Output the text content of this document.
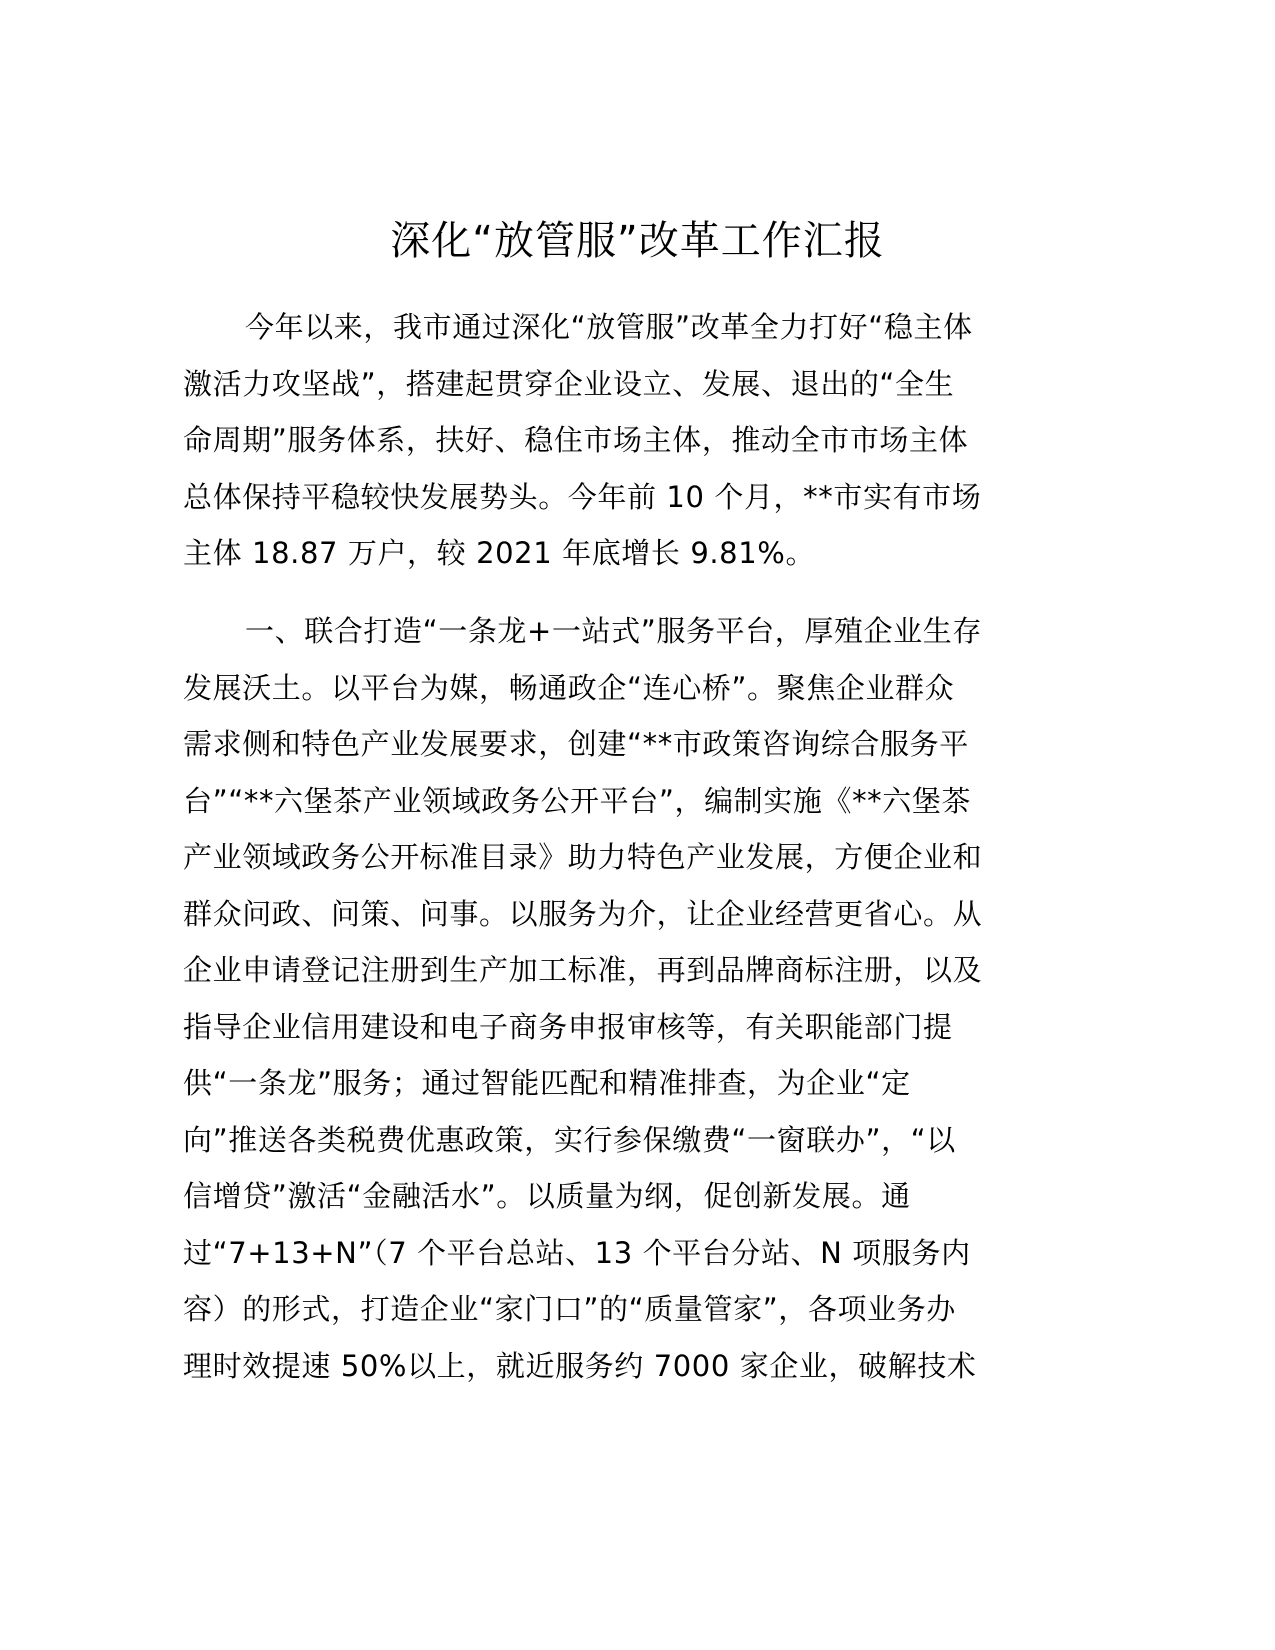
深化“放管服”改革工作汇报
今年以来，我市通过深化“放管服”改革全力打好“稳主体
激活力攻坚战”，搭建起贯穿企业设立、发展、退出的“全生
命周期”服务体系，扶好、稳住市场主体，推动全市市场主体
总体保持平稳较快发展势头。今年前 10 个月，**市实有市场
主体 18.87 万户，较 2021 年底增长 9.81%。
一、联合打造“一条龙+一站式”服务平台，厚殖企业生存
发展沃土。以平台为媒，畅通政企“连心桥”。聚焦企业群众
需求侧和特色产业发展要求，创建“**市政策咨询综合服务平
台”“**六堡茶产业领域政务公开平台”，编制实施《**六堡茶
产业领域政务公开标准目录》助力特色产业发展，方便企业和
群众问政、问策、问事。以服务为介，让企业经营更省心。从
企业申请登记注册到生产加工标准，再到品牌商标注册，以及
指导企业信用建设和电子商务申报审核等，有关职能部门提
供“一条龙”服务；通过智能匹配和精准排查，为企业“定
向”推送各类税费优惠政策，实行参保缴费“一窗联办”，“以
信增贷”激活“金融活水”。以质量为纲，促创新发展。通
过“7+13+N”（7 个平台总站、13 个平台分站、N 项服务内
容）的形式，打造企业“家门口”的“质量管家”，各项业务办
理时效提速 50%以上，就近服务约 7000 家企业，破解技术
